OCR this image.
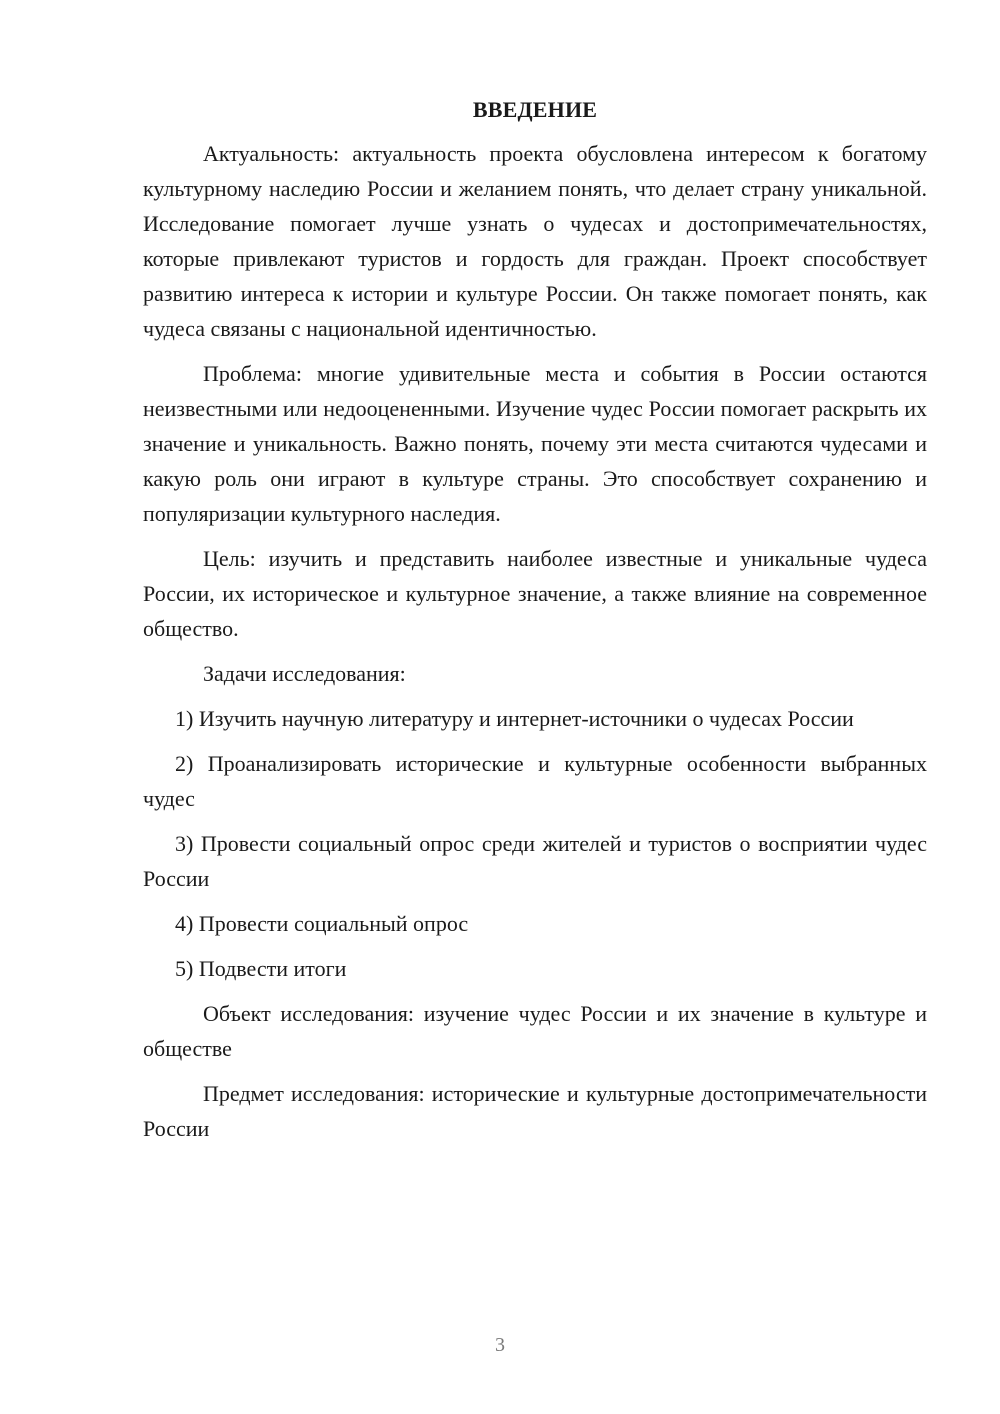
ВВЕДЕНИЕ

Актуальность: актуальность проекта обусловлена интересом к богатому культурному наследию России и желанием понять, что делает страну уникальной. Исследование помогает лучше узнать о чудесах и достопримечательностях, которые привлекают туристов и гордость для граждан. Проект способствует развитию интереса к истории и культуре России. Он также помогает понять, как чудеса связаны с национальной идентичностью.

Проблема: многие удивительные места и события в России остаются неизвестными или недооцененными. Изучение чудес России помогает раскрыть их значение и уникальность. Важно понять, почему эти места считаются чудесами и какую роль они играют в культуре страны. Это способствует сохранению и популяризации культурного наследия.

Цель: изучить и представить наиболее известные и уникальные чудеса России, их историческое и культурное значение, а также влияние на современное общество.

Задачи исследования:

1) Изучить научную литературу и интернет-источники о чудесах России

2) Проанализировать исторические и культурные особенности выбранных чудес

3) Провести социальный опрос среди жителей и туристов о восприятии чудес России

4) Провести социальный опрос

5) Подвести итоги

Объект исследования: изучение чудес России и их значение в культуре и обществе

Предмет исследования: исторические и культурные достопримечательности России

3
